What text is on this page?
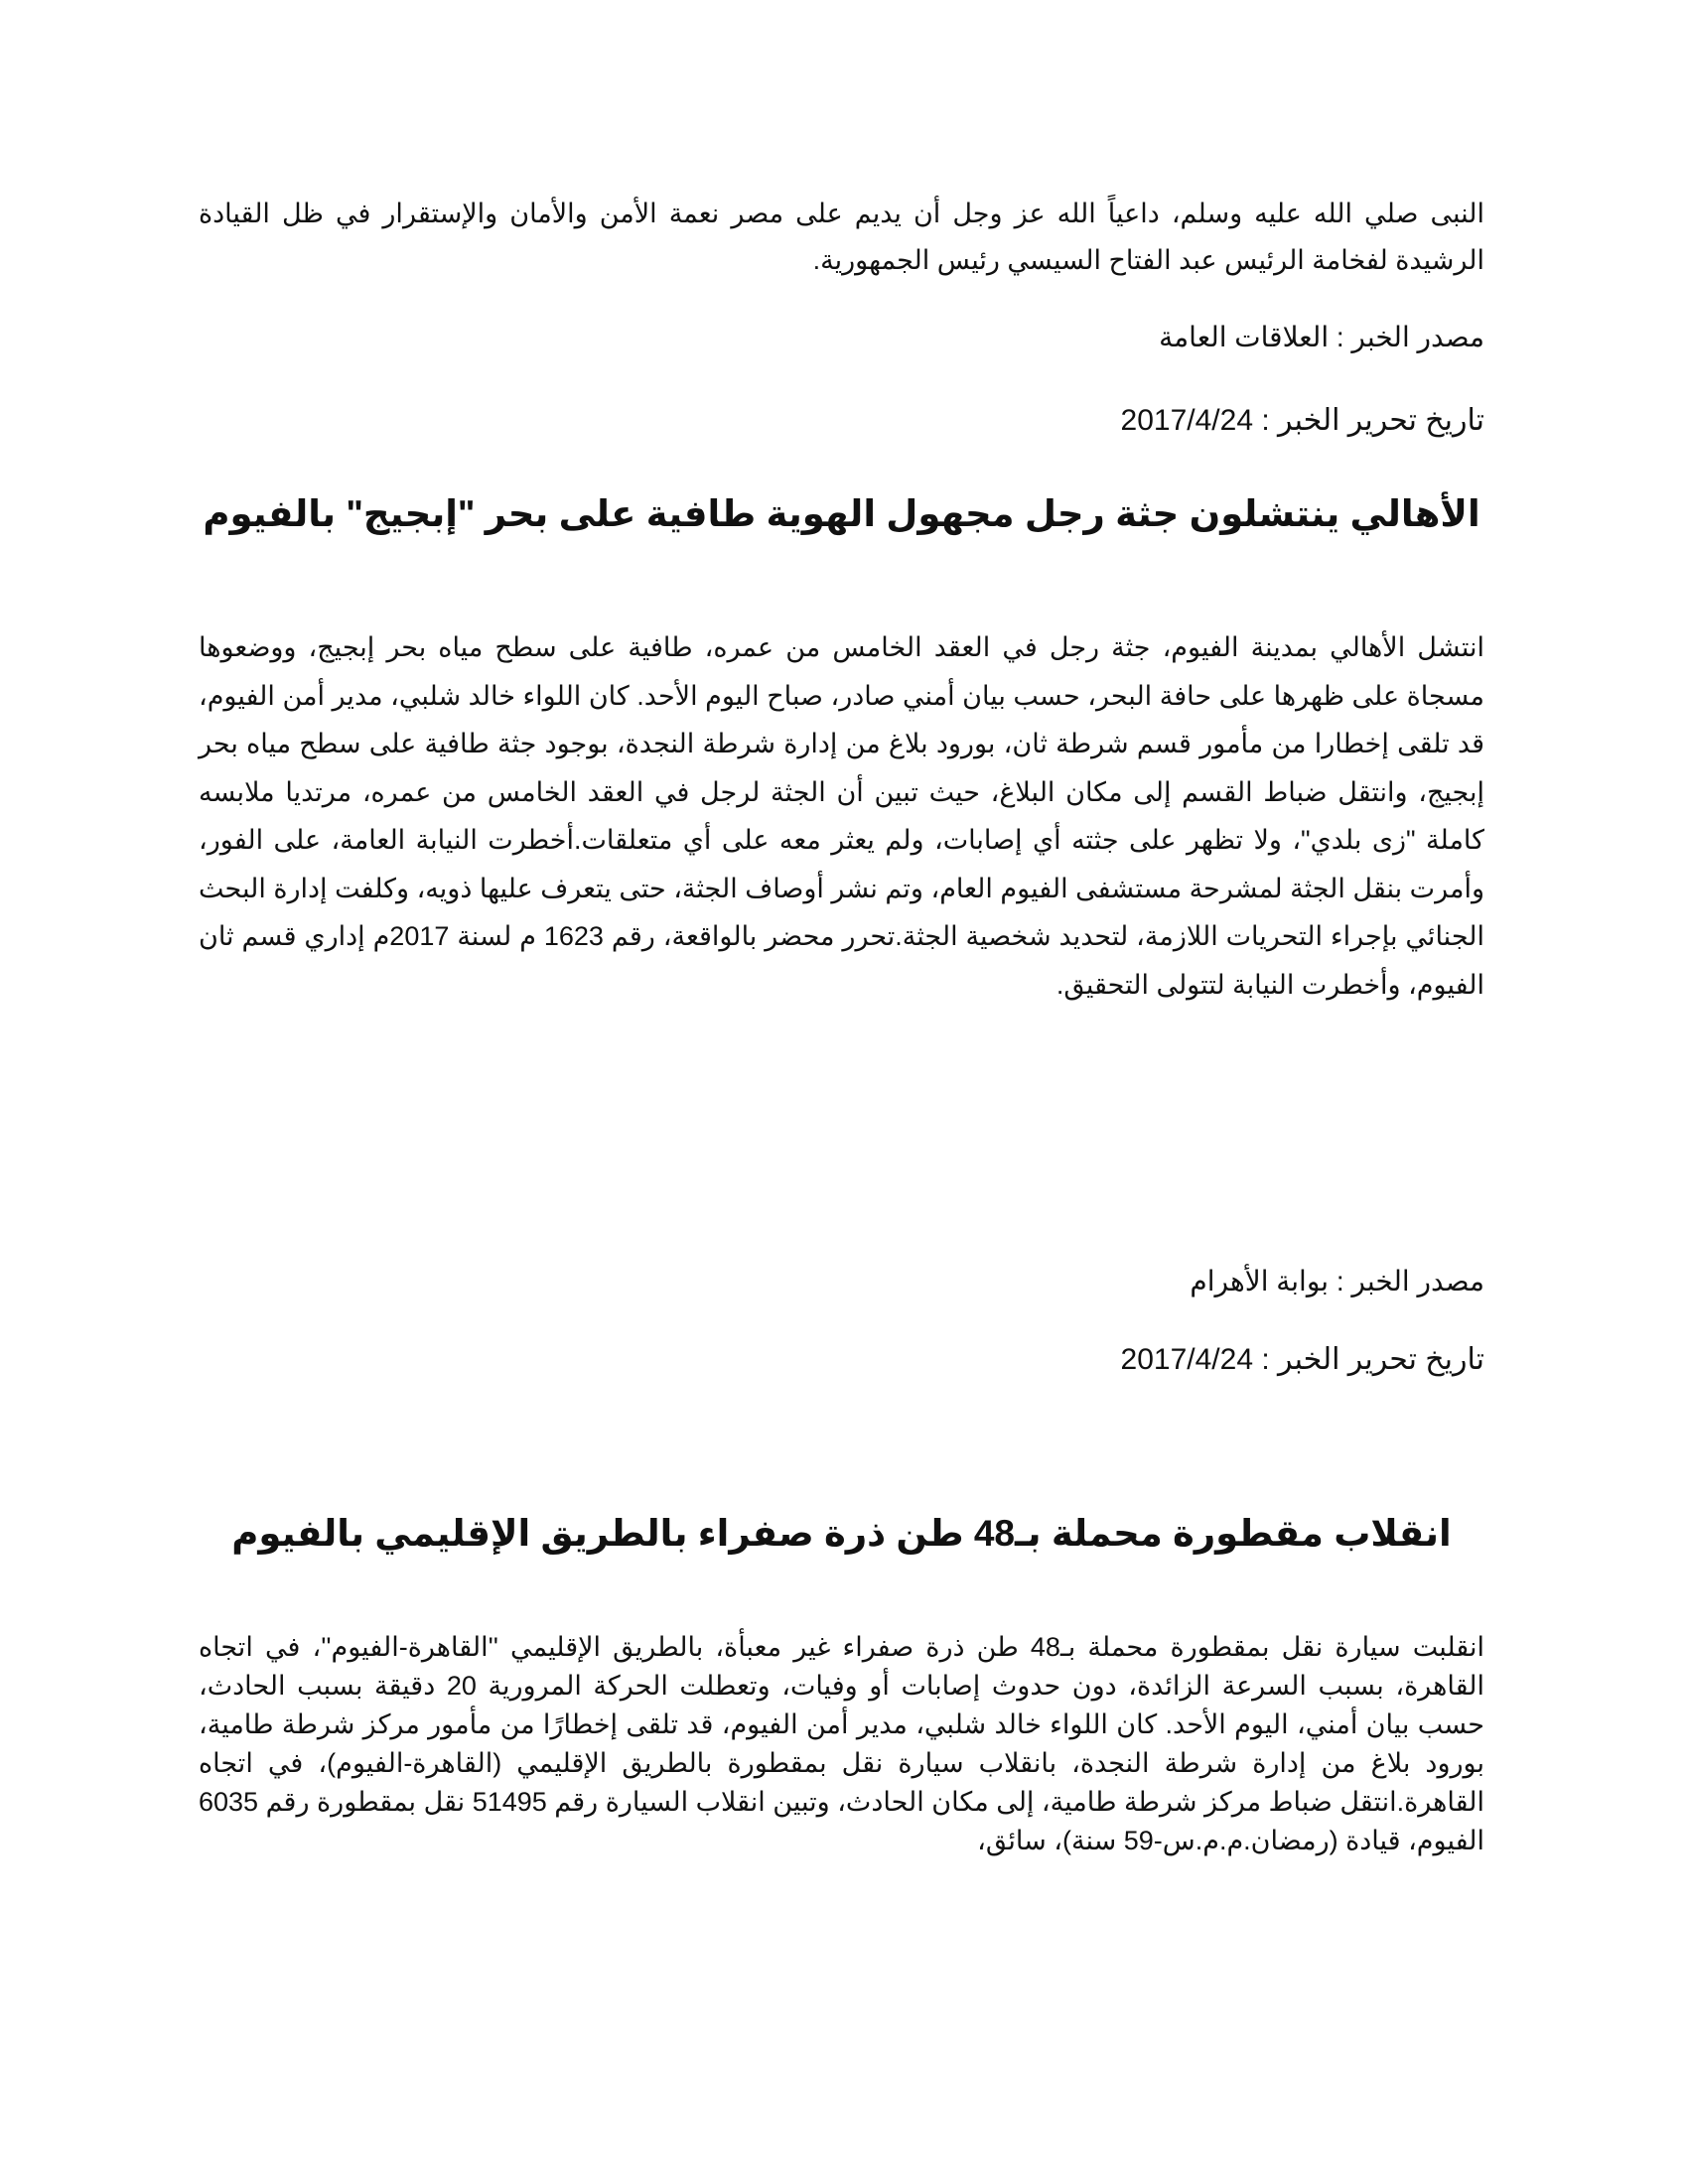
النبى صلي الله عليه وسلم، داعياً الله عز وجل أن يديم على مصر نعمة الأمن والأمان والإستقرار في ظل القيادة الرشيدة لفخامة الرئيس عبد الفتاح السيسي رئيس الجمهورية.

مصدر الخبر : العلاقات العامة

تاريخ تحرير الخبر : 2017/4/24

الأهالي ينتشلون جثة رجل مجهول الهوية طافية على بحر "إبجيج" بالفيوم

انتشل الأهالي بمدينة الفيوم، جثة رجل في العقد الخامس من عمره، طافية على سطح مياه بحر إبجيج، ووضعوها مسجاة على ظهرها على حافة البحر، حسب بيان أمني صادر، صباح اليوم الأحد. كان اللواء خالد شلبي، مدير أمن الفيوم، قد تلقى إخطارا من مأمور قسم شرطة ثان، بورود بلاغ من إدارة شرطة النجدة، بوجود جثة طافية على سطح مياه بحر إبجيج، وانتقل ضباط القسم إلى مكان البلاغ، حيث تبين أن الجثة لرجل في العقد الخامس من عمره، مرتديا ملابسه كاملة "زى بلدي"، ولا تظهر على جثته أي إصابات، ولم يعثر معه على أي متعلقات.أخطرت النيابة العامة، على الفور، وأمرت بنقل الجثة لمشرحة مستشفى الفيوم العام، وتم نشر أوصاف الجثة، حتى يتعرف عليها ذويه، وكلفت إدارة البحث الجنائي بإجراء التحريات اللازمة، لتحديد شخصية الجثة.تحرر محضر بالواقعة، رقم 1623 م لسنة 2017م إداري قسم ثان الفيوم، وأخطرت النيابة لتتولى التحقيق.

مصدر الخبر : بوابة الأهرام

تاريخ تحرير الخبر : 2017/4/24

انقلاب مقطورة محملة بـ48 طن ذرة صفراء بالطريق الإقليمي بالفيوم

انقلبت سيارة نقل بمقطورة محملة بـ48 طن ذرة صفراء غير معبأة، بالطريق الإقليمي ''القاهرة-الفيوم''، في اتجاه القاهرة، بسبب السرعة الزائدة، دون حدوث إصابات أو وفيات، وتعطلت الحركة المرورية 20 دقيقة بسبب الحادث، حسب بيان أمني، اليوم الأحد. كان اللواء خالد شلبي، مدير أمن الفيوم، قد تلقى إخطارًا من مأمور مركز شرطة طامية، بورود بلاغ من إدارة شرطة النجدة، بانقلاب سيارة نقل بمقطورة بالطريق الإقليمي (القاهرة-الفيوم)، في اتجاه القاهرة.انتقل ضباط مركز شرطة طامية، إلى مكان الحادث، وتبين انقلاب السيارة رقم 51495 نقل بمقطورة رقم 6035 الفيوم، قيادة (رمضان.م.م.س-59 سنة)، سائق،
